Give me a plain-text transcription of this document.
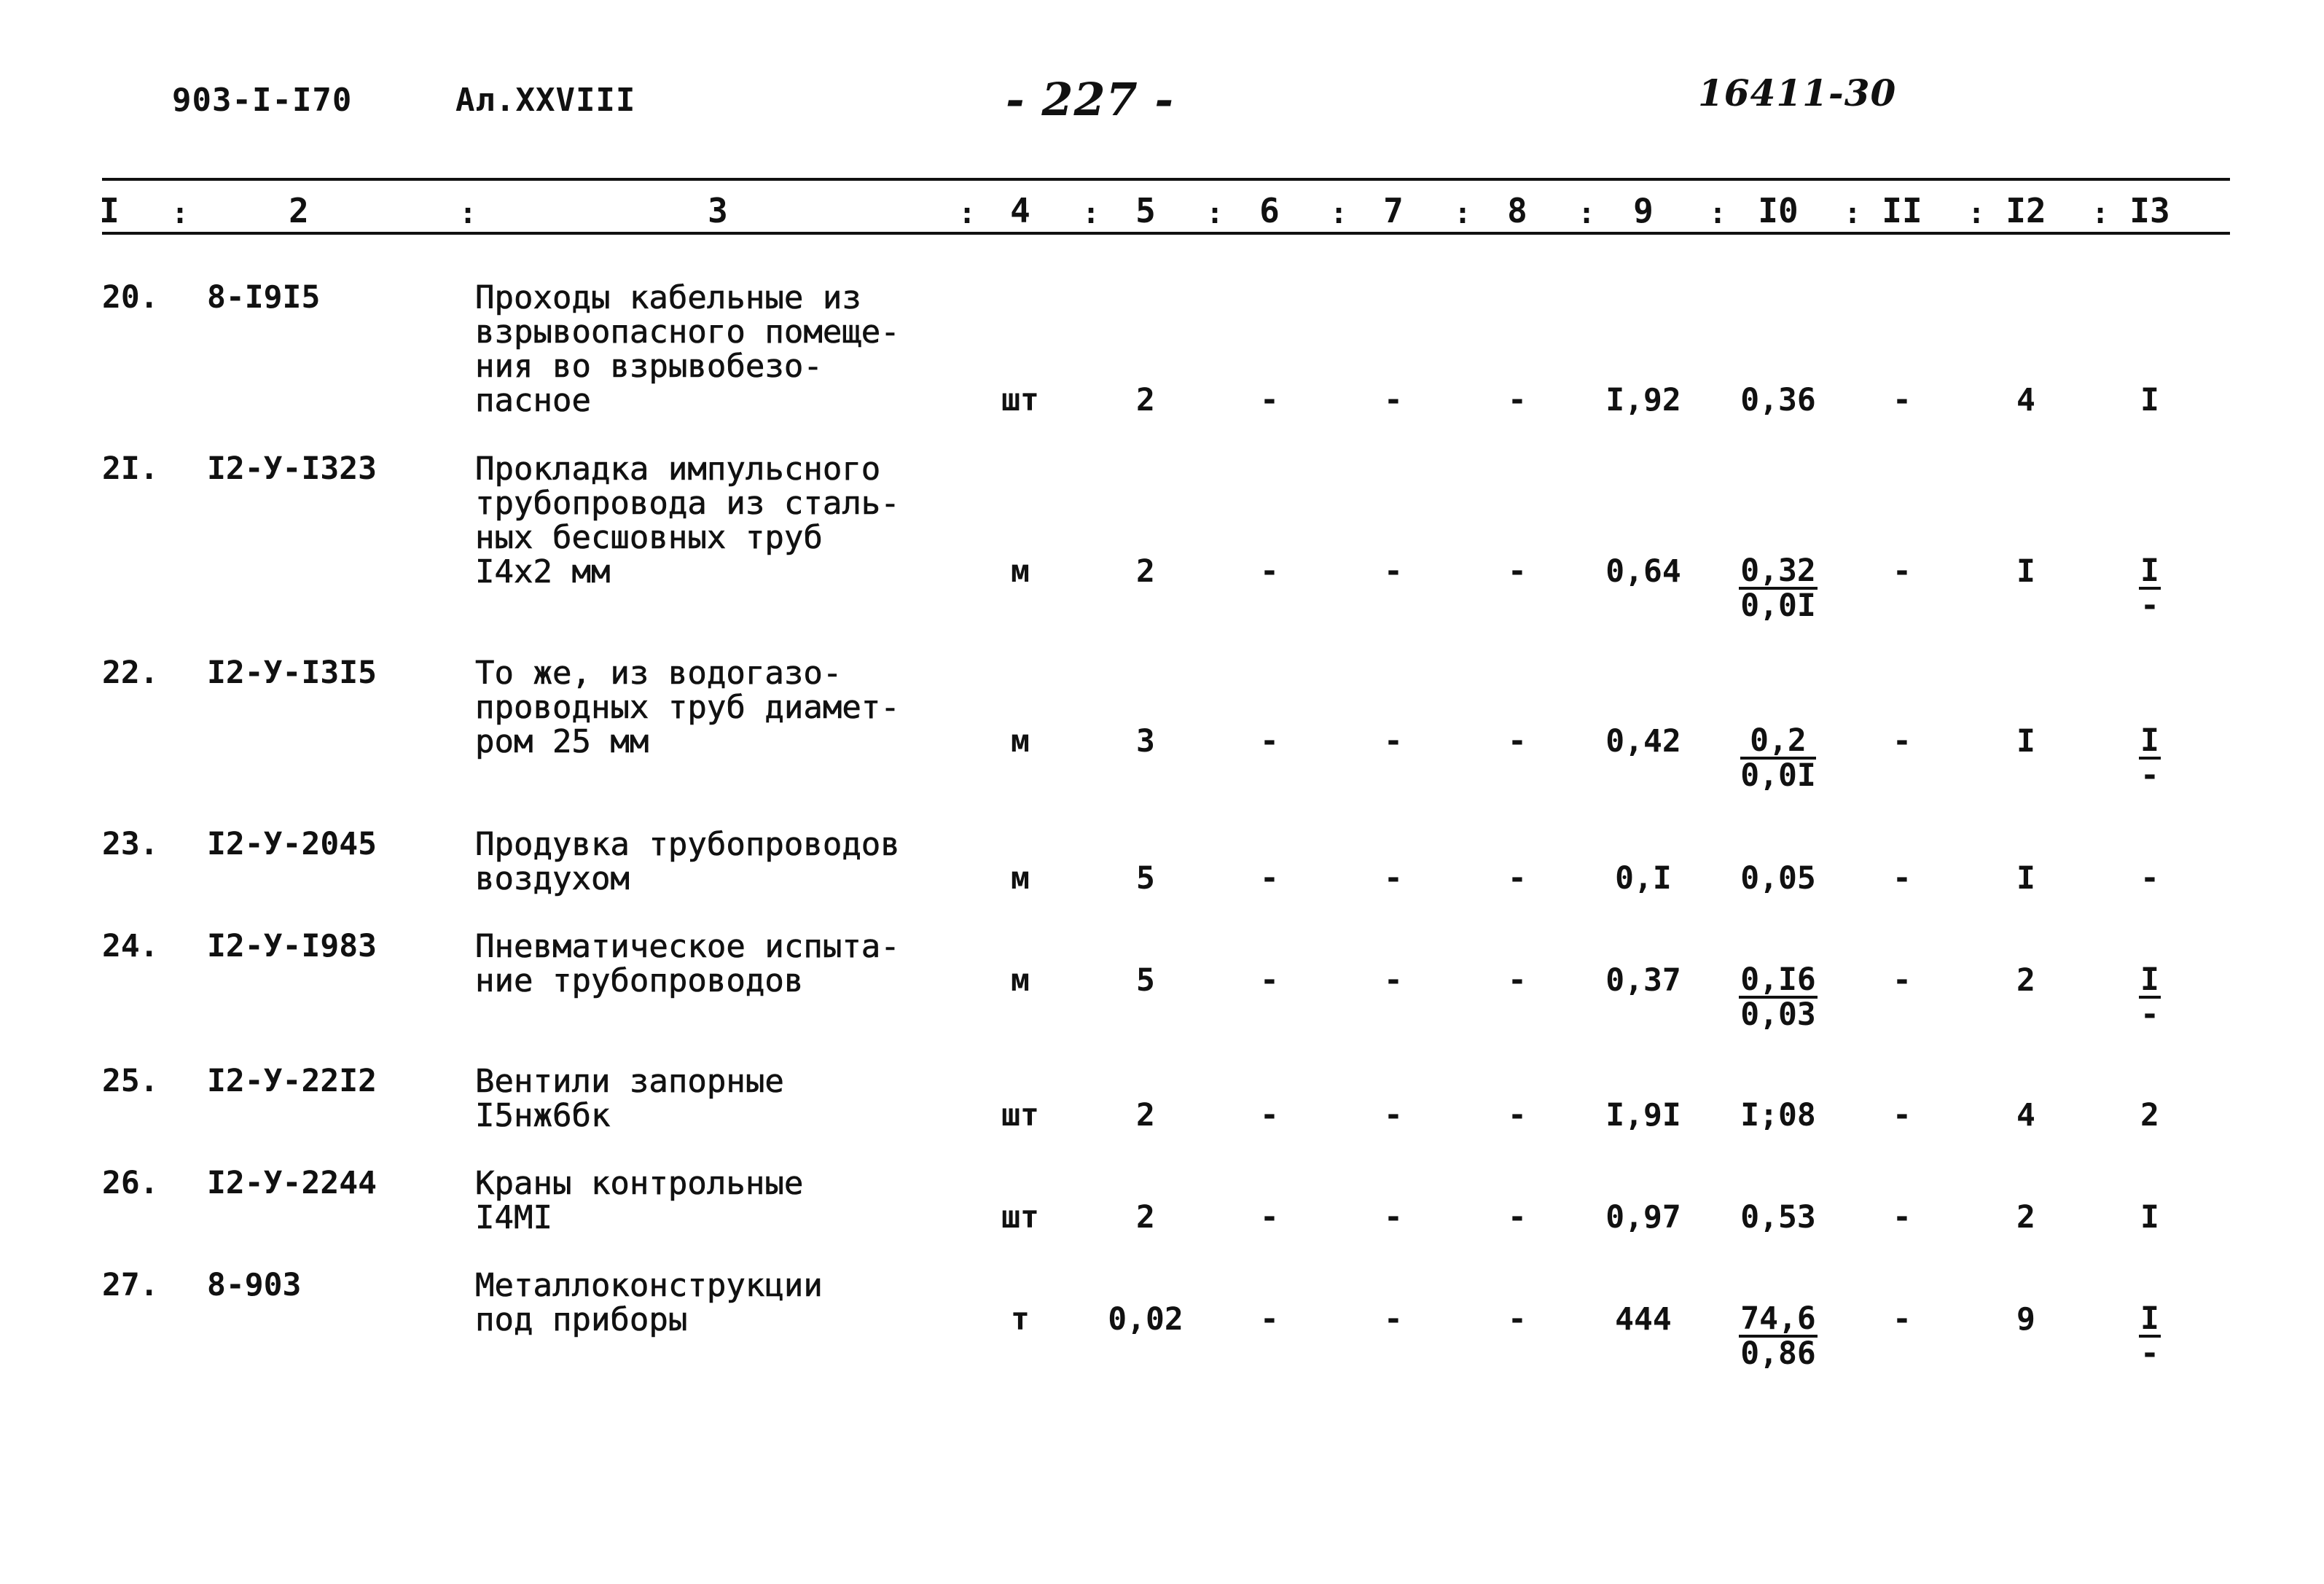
903-I-I70	Ал.XXVIII	- 227 -	16411-30
I	2	3	4	5	6	7	8	9	I0	II	I2	I3
:	:	:	:	:	:	:	:	:	:	:	:
20. 8-I9I5	Проходы кабельные из
взрывоопасного помеще-
ния во взрывобезо-
пасное	шт	2	-	-	-	I,92	0,36	-	4	I
2I. I2-У-I323	Прокладка импульсного
трубопровода из сталь-
ных бесшовных труб
I4х2 мм	м	2	-	-	-	0,64	$\frac{0,32}{0,0I}$	-	I	$\frac{I}{-}$
22. I2-У-I3I5	То же, из водогазо-
проводных труб диамет-
ром 25 мм	м	3	-	-	-	0,42	$\frac{0,2}{0,0I}$	-	I	$\frac{I}{-}$
23. I2-У-2045	Продувка трубопроводов
воздухом	м	5	-	-	-	0,I	0,05	-	I	-
24. I2-У-I983	Пневматическое испыта-
ние трубопроводов	м	5	-	-	-	0,37	$\frac{0,I6}{0,03}$	-	2	$\frac{I}{-}$
25. I2-У-22I2	Вентили запорные
I5нж6бк	шт	2	-	-	-	I,9I	I;08	-	4	2
26. I2-У-2244	Краны контрольные
I4МI	шт	2	-	-	-	0,97	0,53	-	2	I
27. 8-903	Металлоконструкции
под приборы	т	0,02	-	-	-	444	$\frac{74,6}{0,86}$	-	9	$\frac{I}{-}$
